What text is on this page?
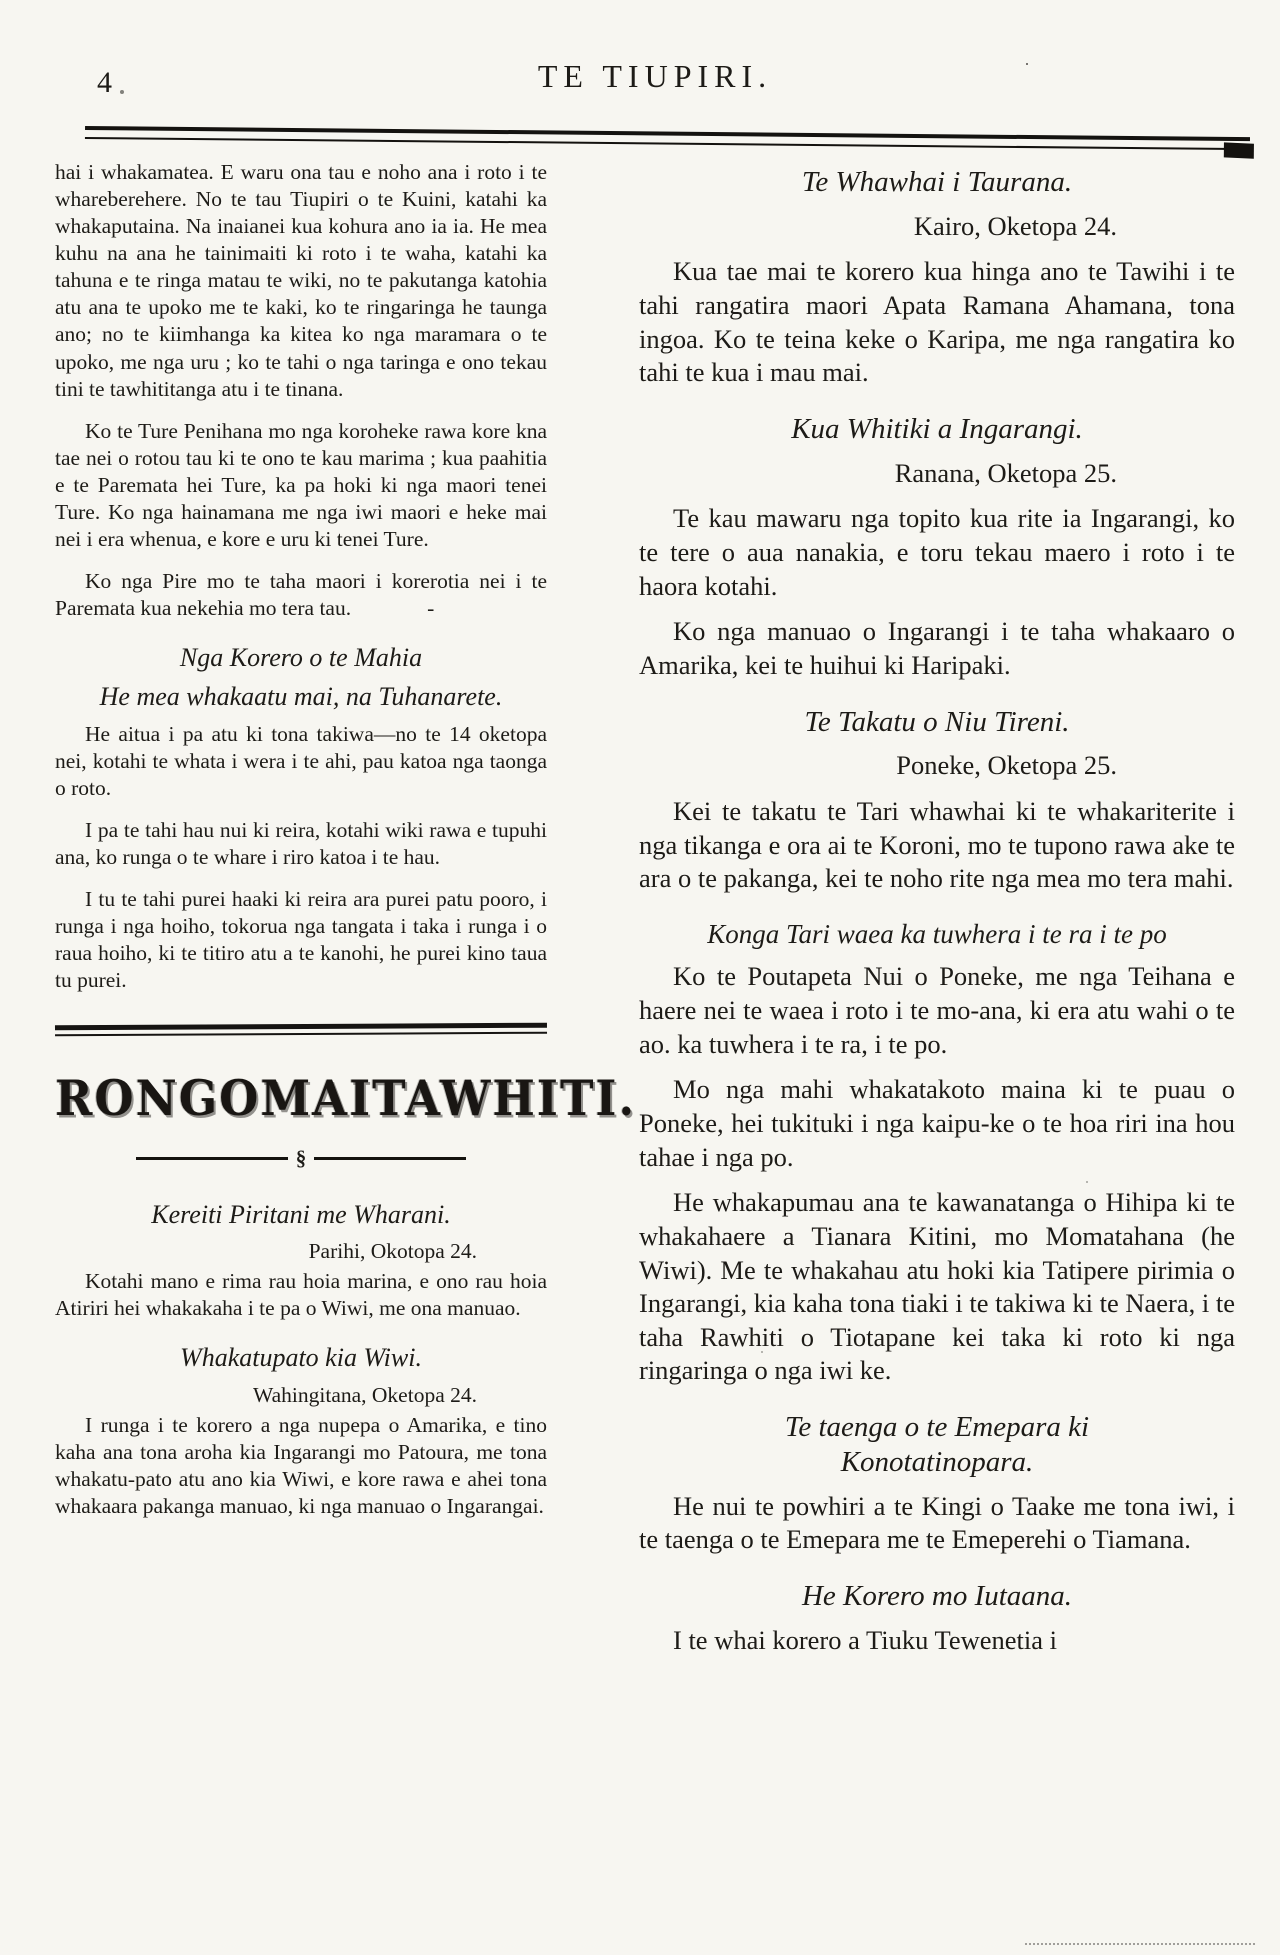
4	TE TIUPIRI.

hai i whakamatea. E waru ona tau e noho ana i roto i te whareberehere. No te tau Tiupiri o te Kuini, katahi ka whakaputaina. Na inaianei kua kohura ano ia ia. He mea kuhu na ana he tainimaiti ki roto i te waha, katahi ka tahuna e te ringa matau te wiki, no te pakutanga katohia atu ana te upoko me te kaki, ko te ringaringa he taunga ano; no te kiimhanga ka kitea ko nga maramara o te upoko, me nga uru ; ko te tahi o nga taringa e ono tekau tini te tawhititanga atu i te tinana.

Ko te Ture Penihana mo nga koroheke rawa kore kna tae nei o rotou tau ki te ono te kau marima ; kua paahitia e te Paremata hei Ture, ka pa hoki ki nga maori tenei Ture. Ko nga hainamana me nga iwi maori e heke mai nei i era whenua, e kore e uru ki tenei Ture.

Ko nga Pire mo te taha maori i korerotia nei i te Paremata kua nekehia mo tera tau.	-

Nga Korero o te Mahia
He mea whakaatu mai, na Tuhanarete.

He aitua i pa atu ki tona takiwa—no te 14 oketopa nei, kotahi te whata i wera i te ahi, pau katoa nga taonga o roto.

I pa te tahi hau nui ki reira, kotahi wiki rawa e tupuhi ana, ko runga o te whare i riro katoa i te hau.

I tu te tahi purei haaki ki reira ara purei patu pooro, i runga i nga hoiho, tokorua nga tangata i taka i runga i o raua hoiho, ki te titiro atu a te kanohi, he purei kino taua tu purei.

RONGOMAITAWHITI.
§
Kereiti Piritani me Wharani.

Parihi, Okotopa 24.

Kotahi mano e rima rau hoia marina, e ono rau hoia Atiriri hei whakakaha i te pa o Wiwi, me ona manuao.

Whakatupato kia Wiwi.

Wahingitana, Oketopa 24.

I runga i te korero a nga nupepa o Amarika, e tino kaha ana tona aroha kia Ingarangi mo Patoura, me tona whakatu-pato atu ano kia Wiwi, e kore rawa e ahei tona whakaara pakanga manuao, ki nga manuao o Ingarangai.

Te Whawhai i Taurana.

Kairo, Oketopa 24.

Kua tae mai te korero kua hinga ano te Tawihi i te tahi rangatira maori Apata Ramana Ahamana, tona ingoa. Ko te teina keke o Karipa, me nga rangatira ko tahi te kua i mau mai.

Kua Whitiki a Ingarangi.

Ranana, Oketopa 25.

Te kau mawaru nga topito kua rite ia Ingarangi, ko te tere o aua nanakia, e toru tekau maero i roto i te haora kotahi.

Ko nga manuao o Ingarangi i te taha whakaaro o Amarika, kei te huihui ki Haripaki.

Te Takatu o Niu Tireni.

Poneke, Oketopa 25.

Kei te takatu te Tari whawhai ki te whakariterite i nga tikanga e ora ai te Koroni, mo te tupono rawa ake te ara o te pakanga, kei te noho rite nga mea mo tera mahi.

Konga Tari waea ka tuwhera i te ra i te po

Ko te Poutapeta Nui o Poneke, me nga Teihana e haere nei te waea i roto i te mo-ana, ki era atu wahi o te ao. ka tuwhera i te ra, i te po.

Mo nga mahi whakatakoto maina ki te puau o Poneke, hei tukituki i nga kaipu-ke o te hoa riri ina hou tahae i nga po.

He whakapumau ana te kawanatanga o Hihipa ki te whakahaere a Tianara Kitini, mo Momatahana (he Wiwi). Me te whakahau atu hoki kia Tatipere pirimia o Ingarangi, kia kaha tona tiaki i te takiwa ki te Naera, i te taha Rawhiti o Tiotapane kei taka ki roto ki nga ringaringa o nga iwi ke.

Te taenga o te Emepara ki
Konotatinopara.

He nui te powhiri a te Kingi o Taake me tona iwi, i te taenga o te Emepara me te Emeperehi o Tiamana.

He Korero mo Iutaana.

I te whai korero a Tiuku Tewenetia i
